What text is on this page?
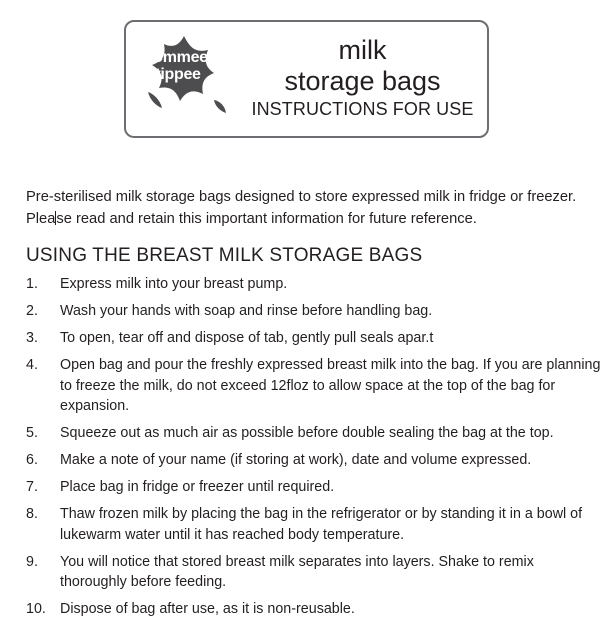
tommee
tippee
milk
storage bags
INSTRUCTIONS FOR USE
Pre-sterilised milk storage bags designed to store expressed milk in fridge or freezer. Please read and retain this important information for future reference.
USING THE BREAST MILK STORAGE BAGS
1.	Express milk into your breast pump.
2.	Wash your hands with soap and rinse before handling bag.
3.	To open, tear off and dispose of tab, gently pull seals apar.t
4.	Open bag and pour the freshly expressed breast milk into the bag. If you are planning to freeze the milk, do not exceed 12floz to allow space at the top of the bag for expansion.
5.	Squeeze out as much air as possible before double sealing the bag at the top.
6.	Make a note of your name (if storing at work), date and volume expressed.
7.	Place bag in fridge or freezer until required.
8.	Thaw frozen milk by placing the bag in the refrigerator or by standing it in a bowl of lukewarm water until it has reached body temperature.
9.	You will notice that stored breast milk separates into layers. Shake to remix thoroughly before feeding.
10. Dispose of bag after use, as it is non-reusable.
